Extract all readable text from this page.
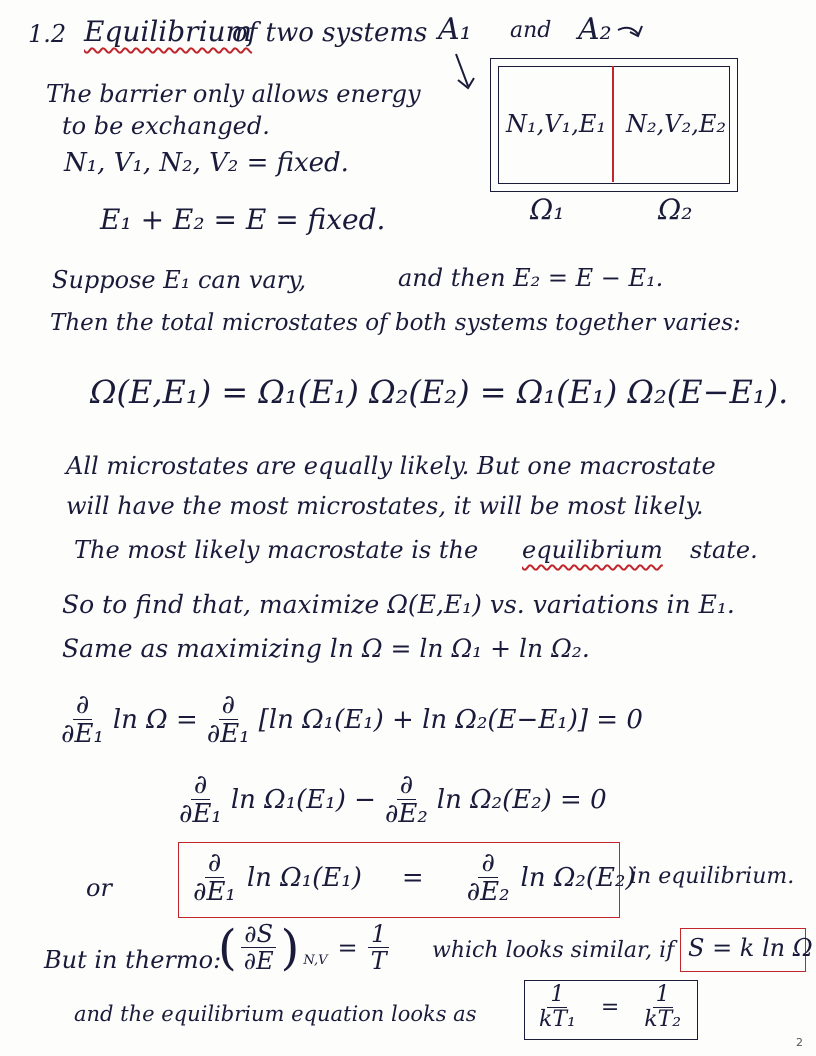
1.2 Equilibrium
of two systems A₁ and A₂
The barrier only allows energy
to be exchanged.
N₁, V₁, N₂, V₂ = fixed.
E₁ + E₂ = E = fixed.
N₁,V₁,E₁ N₂,V₂,E₂
Ω₁	Ω₂
Suppose E₁ can vary,	and then E₂ = E − E₁.
Then the total microstates of both systems together varies:
Ω(E,E₁) = Ω₁(E₁) Ω₂(E₂) = Ω₁(E₁) Ω₂(E−E₁).
All microstates are equally likely. But one macrostate
will have the most microstates, it will be most likely.
The most likely macrostate is the equilibrium state.
So to find that, maximize Ω(E,E₁) vs. variations in E₁.
Same as maximizing ln Ω = ln Ω₁ + ln Ω₂.
$\frac{\partial}{\text{∂E₁}}$ $\ln \Omega = \frac{\partial}{\text{∂E₁}} [\ln$ Ω₁(E₁) + ln Ω₂(E−E₁)] = 0
$\frac{\partial}{\text{∂E₁}}$ $\ln \Omega_1(E_1) - \frac{\partial}{\text{∂E₂}}$ ln Ω₂(E₂) = 0
or	$\frac{\partial}{\text{∂E₁}}$ $\ln \Omega_1(E_1) = \frac{\partial}{\text{∂E₂}}$ ln Ω₂(E₂)
in equilibrium.
But in thermo:
( $\frac{\partial S}{\partial E}$ ) $N,V = \frac{1}{T}$ which looks similar, if S = k ln Ω
and the equilibrium equation looks as	$\frac{1}{\text{kT₁}} = \frac{1}{\text{kT₂}}$
2
